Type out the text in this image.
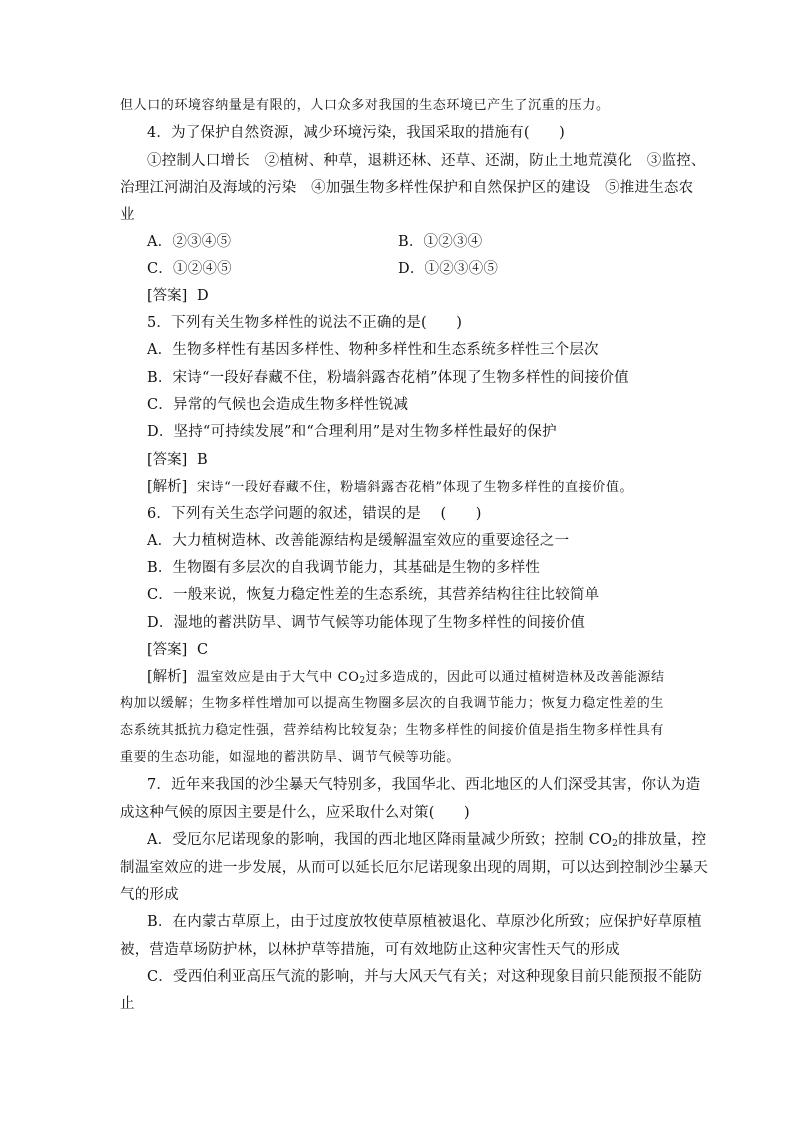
但人口的环境容纳量是有限的，人口众多对我国的生态环境已产生了沉重的压力。
4．为了保护自然资源，减少环境污染，我国采取的措施有(　　)
①控制人口增长　②植树、种草，退耕还林、还草、还湖，防止土地荒漠化　③监控、
治理江河湖泊及海域的污染　④加强生物多样性保护和自然保护区的建设　⑤推进生态农
业
A．②③④⑤	B．①②③④
C．①②④⑤	D．①②③④⑤
[答案] D
5．下列有关生物多样性的说法不正确的是(　　)
A．生物多样性有基因多样性、物种多样性和生态系统多样性三个层次
B．宋诗“一段好春藏不住，粉墙斜露杏花梢”体现了生物多样性的间接价值
C．异常的气候也会造成生物多样性锐减
D．坚持“可持续发展”和“合理利用”是对生物多样性最好的保护
[答案] B
[解析] 宋诗“一段好春藏不住，粉墙斜露杏花梢”体现了生物多样性的直接价值。
6．下列有关生态学问题的叙述，错误的是　 (　　)
A．大力植树造林、改善能源结构是缓解温室效应的重要途径之一
B．生物圈有多层次的自我调节能力，其基础是生物的多样性
C．一般来说，恢复力稳定性差的生态系统，其营养结构往往比较简单
D．湿地的蓄洪防旱、调节气候等功能体现了生物多样性的间接价值
[答案] C
[解析] 温室效应是由于大气中 $CO_2$过多造成的，因此可以通过植树造林及改善能源结
构加以缓解；生物多样性增加可以提高生物圈多层次的自我调节能力；恢复力稳定性差的生
态系统其抵抗力稳定性强，营养结构比较复杂；生物多样性的间接价值是指生物多样性具有
重要的生态功能，如湿地的蓄洪防旱、调节气候等功能。
7．近年来我国的沙尘暴天气特别多，我国华北、西北地区的人们深受其害，你认为造
成这种气候的原因主要是什么，应采取什么对策(　　)
A．受厄尔尼诺现象的影响，我国的西北地区降雨量减少所致；控制 $CO_2$的排放量，控
制温室效应的进一步发展，从而可以延长厄尔尼诺现象出现的周期，可以达到控制沙尘暴天
气的形成
B．在内蒙古草原上，由于过度放牧使草原植被退化、草原沙化所致；应保护好草原植
被，营造草场防护林，以林护草等措施，可有效地防止这种灾害性天气的形成
C．受西伯利亚高压气流的影响，并与大风天气有关；对这种现象目前只能预报不能防
止
